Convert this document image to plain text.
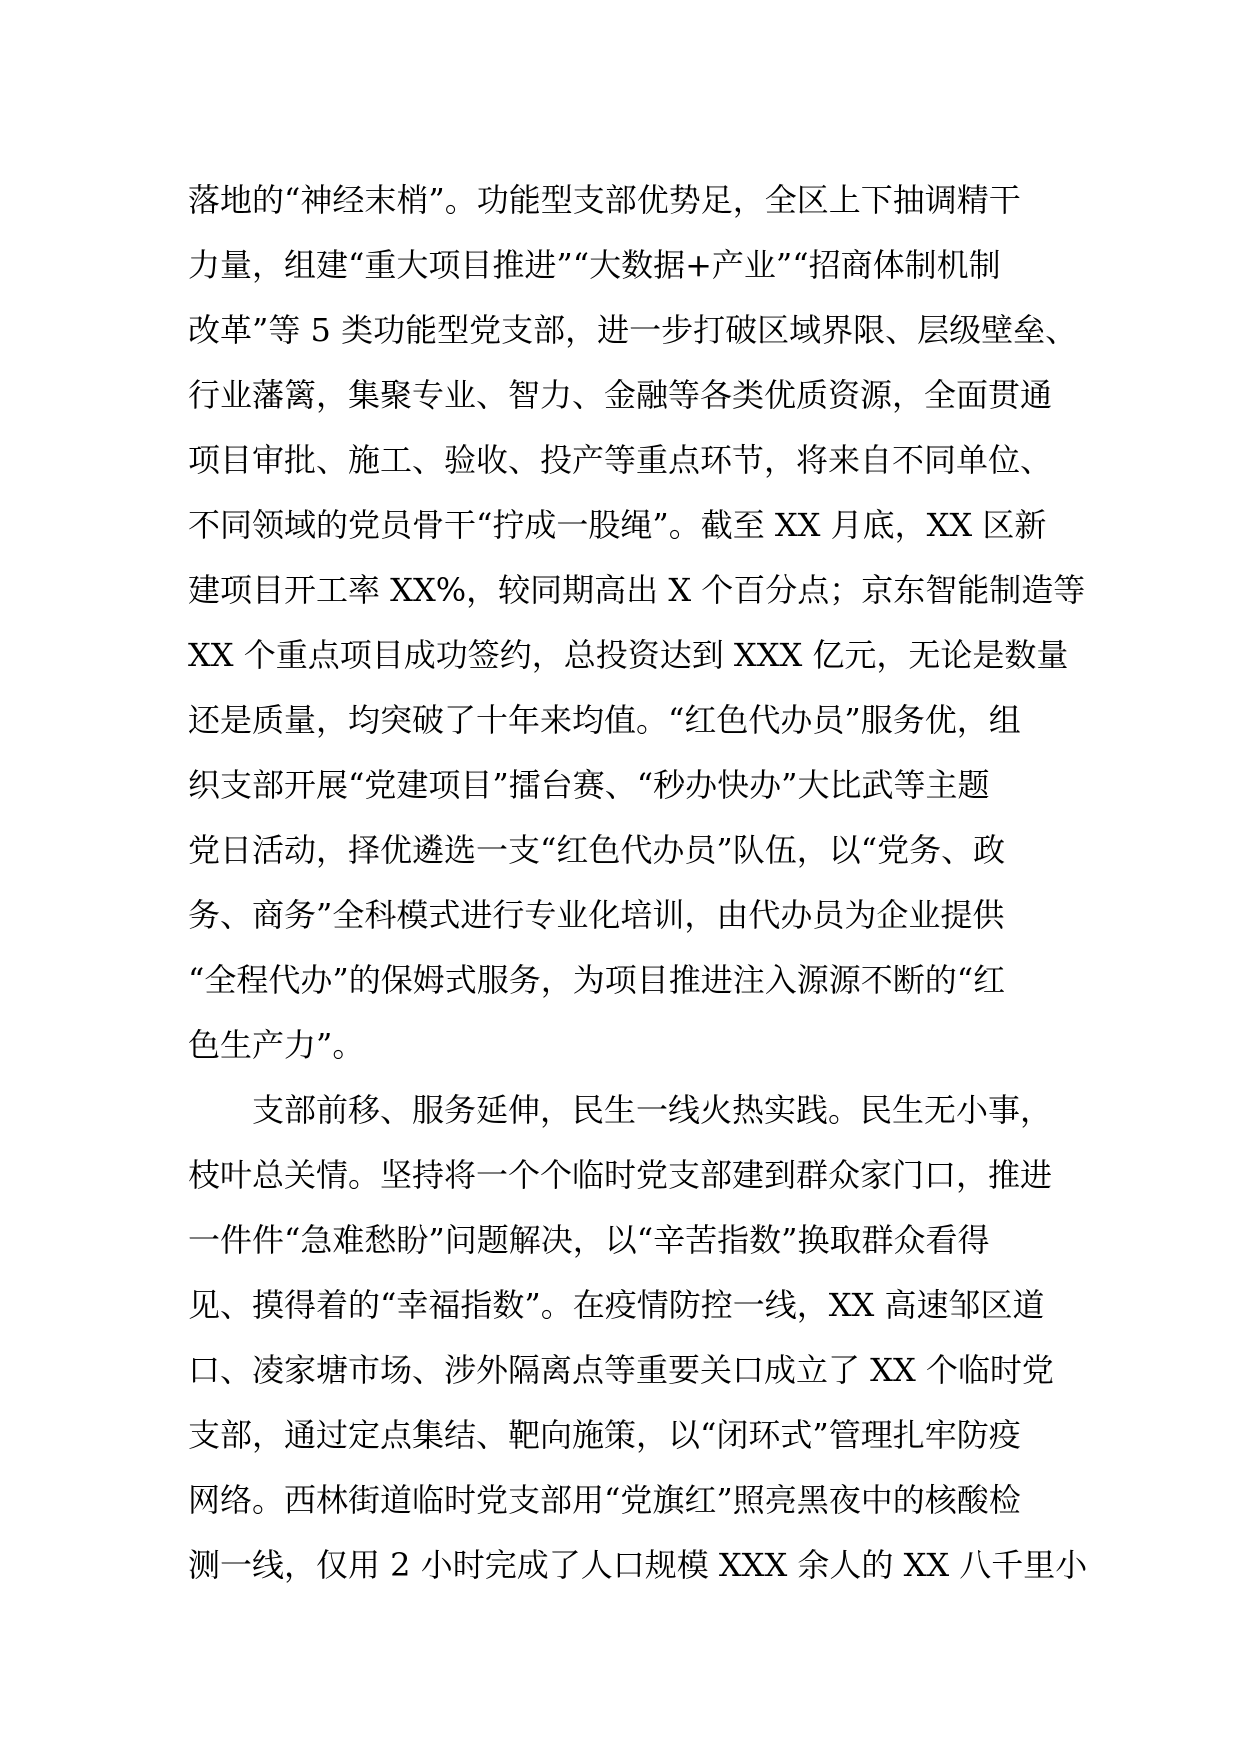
落地的“神经末梢”。功能型支部优势足，全区上下抽调精干
力量，组建“重大项目推进”“大数据+产业”“招商体制机制
改革”等 5 类功能型党支部，进一步打破区域界限、层级壁垒、
行业藩篱，集聚专业、智力、金融等各类优质资源，全面贯通
项目审批、施工、验收、投产等重点环节，将来自不同单位、
不同领域的党员骨干“拧成一股绳”。截至 XX 月底，XX 区新
建项目开工率 XX%，较同期高出 X 个百分点；京东智能制造等
XX 个重点项目成功签约，总投资达到 XXX 亿元，无论是数量
还是质量，均突破了十年来均值。“红色代办员”服务优，组
织支部开展“党建项目”擂台赛、“秒办快办”大比武等主题
党日活动，择优遴选一支“红色代办员”队伍，以“党务、政
务、商务”全科模式进行专业化培训，由代办员为企业提供
“全程代办”的保姆式服务，为项目推进注入源源不断的“红
色生产力”。
支部前移、服务延伸，民生一线火热实践。民生无小事，
枝叶总关情。坚持将一个个临时党支部建到群众家门口，推进
一件件“急难愁盼”问题解决，以“辛苦指数”换取群众看得
见、摸得着的“幸福指数”。在疫情防控一线，XX 高速邹区道
口、凌家塘市场、涉外隔离点等重要关口成立了 XX 个临时党
支部，通过定点集结、靶向施策，以“闭环式”管理扎牢防疫
网络。西林街道临时党支部用“党旗红”照亮黑夜中的核酸检
测一线，仅用 2 小时完成了人口规模 XXX 余人的 XX 八千里小
